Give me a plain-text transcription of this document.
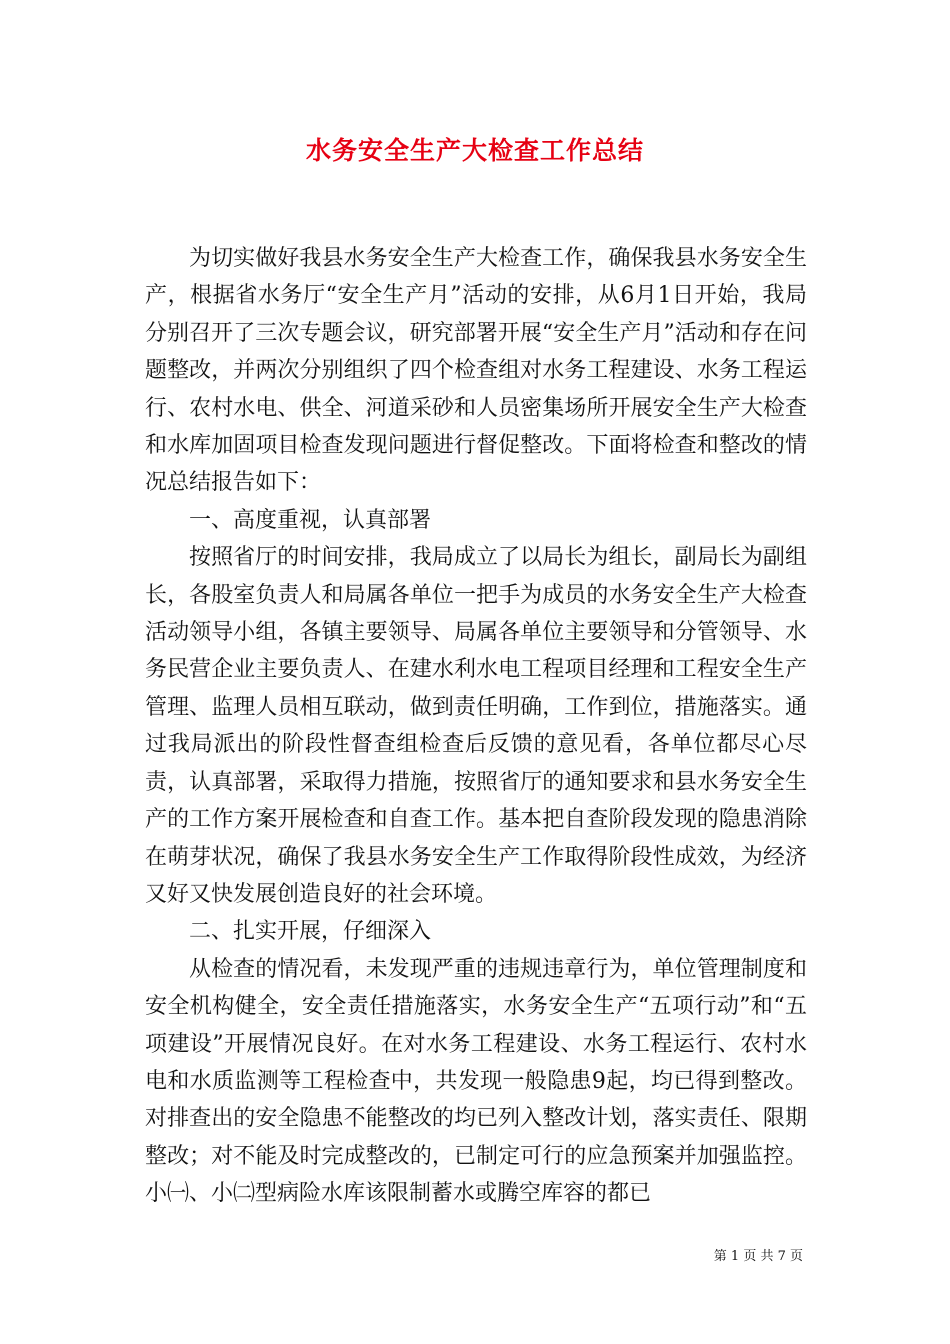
水务安全生产大检查工作总结

为切实做好我县水务安全生产大检查工作，确保我县水务安全生产，根据省水务厅“安全生产月”活动的安排，从6月1日开始，我局分别召开了三次专题会议，研究部署开展“安全生产月”活动和存在问题整改，并两次分别组织了四个检查组对水务工程建设、水务工程运行、农村水电、供全、河道采砂和人员密集场所开展安全生产大检查和水库加固项目检查发现问题进行督促整改。下面将检查和整改的情况总结报告如下：

一、高度重视，认真部署

按照省厅的时间安排，我局成立了以局长为组长，副局长为副组长，各股室负责人和局属各单位一把手为成员的水务安全生产大检查活动领导小组，各镇主要领导、局属各单位主要领导和分管领导、水务民营企业主要负责人、在建水利水电工程项目经理和工程安全生产管理、监理人员相互联动，做到责任明确，工作到位，措施落实。通过我局派出的阶段性督查组检查后反馈的意见看，各单位都尽心尽责，认真部署，采取得力措施，按照省厅的通知要求和县水务安全生产的工作方案开展检查和自查工作。基本把自查阶段发现的隐患消除在萌芽状况，确保了我县水务安全生产工作取得阶段性成效，为经济又好又快发展创造良好的社会环境。

二、扎实开展，仔细深入

从检查的情况看，未发现严重的违规违章行为，单位管理制度和安全机构健全，安全责任措施落实，水务安全生产“五项行动”和“五项建设”开展情况良好。在对水务工程建设、水务工程运行、农村水电和水质监测等工程检查中，共发现一般隐患9起，均已得到整改。对排查出的安全隐患不能整改的均已列入整改计划，落实责任、限期整改；对不能及时完成整改的，已制定可行的应急预案并加强监控。小㈠、小㈡型病险水库该限制蓄水或腾空库容的都已

第 1 页 共 7 页
